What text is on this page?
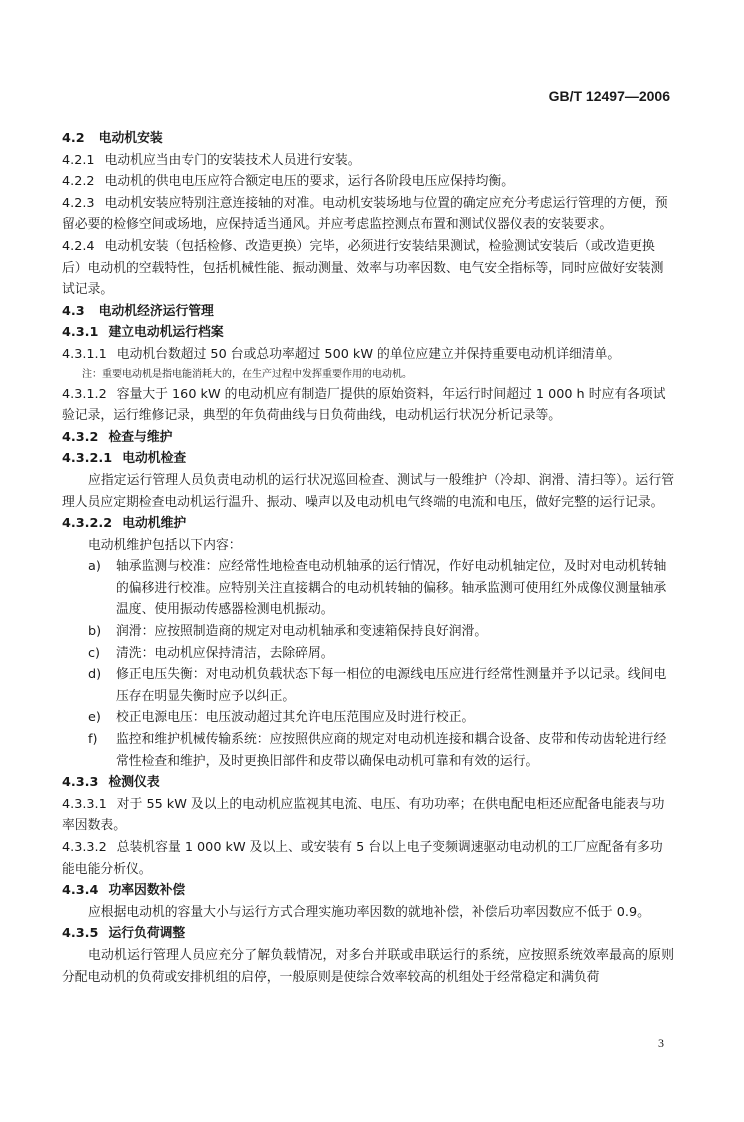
GB/T 12497—2006

4.2 电动机安装

4.2.1 电动机应当由专门的安装技术人员进行安装。

4.2.2 电动机的供电电压应符合额定电压的要求，运行各阶段电压应保持均衡。

4.2.3 电动机安装应特别注意连接轴的对准。电动机安装场地与位置的确定应充分考虑运行管理的方便，预留必要的检修空间或场地，应保持适当通风。并应考虑监控测点布置和测试仪器仪表的安装要求。

4.2.4 电动机安装（包括检修、改造更换）完毕，必须进行安装结果测试，检验测试安装后（或改造更换后）电动机的空载特性，包括机械性能、振动测量、效率与功率因数、电气安全指标等，同时应做好安装测试记录。

4.3 电动机经济运行管理

4.3.1 建立电动机运行档案

4.3.1.1 电动机台数超过 50 台或总功率超过 500 kW 的单位应建立并保持重要电动机详细清单。

注：重要电动机是指电能消耗大的，在生产过程中发挥重要作用的电动机。

4.3.1.2 容量大于 160 kW 的电动机应有制造厂提供的原始资料，年运行时间超过 1 000 h 时应有各项试验记录，运行维修记录，典型的年负荷曲线与日负荷曲线，电动机运行状况分析记录等。

4.3.2 检查与维护

4.3.2.1 电动机检查

应指定运行管理人员负责电动机的运行状况巡回检查、测试与一般维护（冷却、润滑、清扫等）。运行管理人员应定期检查电动机运行温升、振动、噪声以及电动机电气终端的电流和电压，做好完整的运行记录。

4.3.2.2 电动机维护

电动机维护包括以下内容：

a)	轴承监测与校准：应经常性地检查电动机轴承的运行情况，作好电动机轴定位，及时对电动机转轴的偏移进行校准。应特别关注直接耦合的电动机转轴的偏移。轴承监测可使用红外成像仪测量轴承温度、使用振动传感器检测电机振动。
b)	润滑：应按照制造商的规定对电动机轴承和变速箱保持良好润滑。
c)	清洗：电动机应保持清洁，去除碎屑。
d)	修正电压失衡：对电动机负载状态下每一相位的电源线电压应进行经常性测量并予以记录。线间电压存在明显失衡时应予以纠正。
e)	校正电源电压：电压波动超过其允许电压范围应及时进行校正。
f)	监控和维护机械传输系统：应按照供应商的规定对电动机连接和耦合设备、皮带和传动齿轮进行经常性检查和维护，及时更换旧部件和皮带以确保电动机可靠和有效的运行。

4.3.3 检测仪表

4.3.3.1 对于 55 kW 及以上的电动机应监视其电流、电压、有功功率；在供电配电柜还应配备电能表与功率因数表。

4.3.3.2 总装机容量 1 000 kW 及以上、或安装有 5 台以上电子变频调速驱动电动机的工厂应配备有多功能电能分析仪。

4.3.4 功率因数补偿

应根据电动机的容量大小与运行方式合理实施功率因数的就地补偿，补偿后功率因数应不低于 0.9。

4.3.5 运行负荷调整

电动机运行管理人员应充分了解负载情况，对多台并联或串联运行的系统，应按照系统效率最高的原则分配电动机的负荷或安排机组的启停，一般原则是使综合效率较高的机组处于经常稳定和满负荷

3
